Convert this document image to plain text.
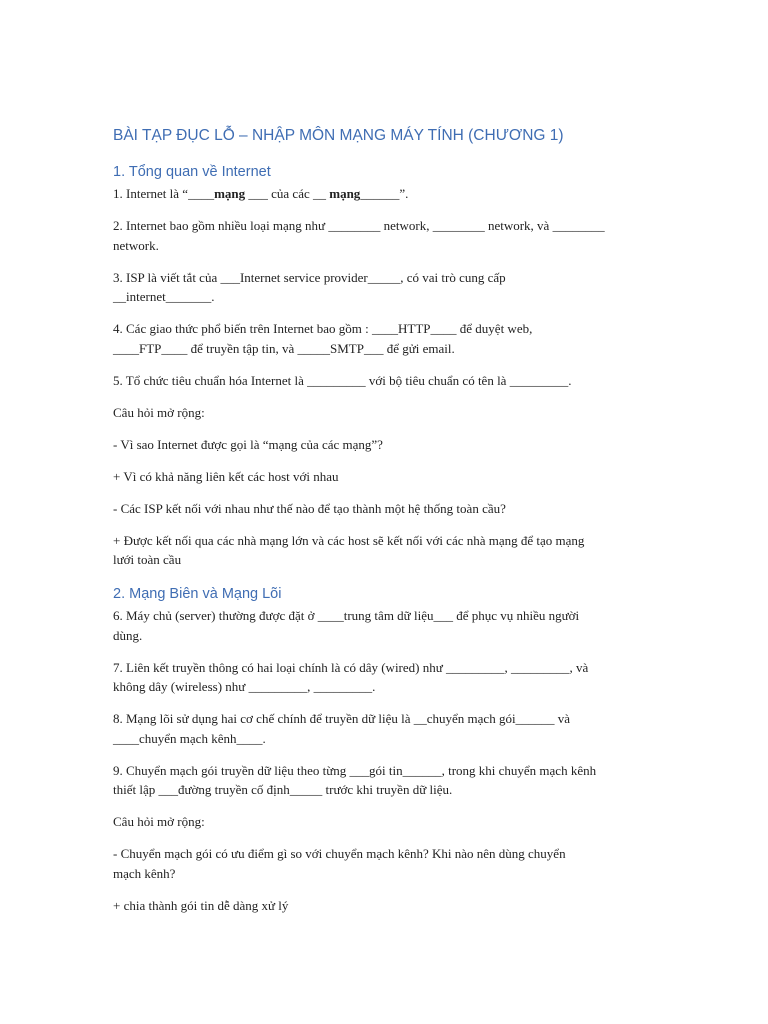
BÀI TẠP ĐỤC LỖ – NHẬP MÔN MẠNG MÁY TÍNH (CHƯƠNG 1)
1. Tổng quan về Internet

1. Internet là “____mạng ___ của các __ mạng______”.

2. Internet bao gồm nhiều loại mạng như ________ network, ________ network, và ________
network.

3. ISP là viết tắt của ___Internet service provider_____, có vai trò cung cấp
__internet_______.

4. Các giao thức phổ biến trên Internet bao gồm : ____HTTP____ để duyệt web,
____FTP____ để truyền tập tin, và _____SMTP___ để gửi email.

5. Tổ chức tiêu chuẩn hóa Internet là _________ với bộ tiêu chuẩn có tên là _________.

Câu hỏi mở rộng:

- Vì sao Internet được gọi là “mạng của các mạng”?

+ Vì có khả năng liên kết các host với nhau

- Các ISP kết nối với nhau như thế nào để tạo thành một hệ thống toàn cầu?

+ Được kết nối qua các nhà mạng lớn và các host sẽ kết nối với các nhà mạng để tạo mạng
lưới toàn cầu

2. Mạng Biên và Mạng Lõi

6. Máy chủ (server) thường được đặt ở ____trung tâm dữ liệu___ để phục vụ nhiều người
dùng.

7. Liên kết truyền thông có hai loại chính là có dây (wired) như _________, _________, và
không dây (wireless) như _________, _________.

8. Mạng lõi sử dụng hai cơ chế chính để truyền dữ liệu là __chuyển mạch gói______ và
____chuyển mạch kênh____.

9. Chuyển mạch gói truyền dữ liệu theo từng ___gói tin______, trong khi chuyển mạch kênh
thiết lập ___đường truyền cố định_____ trước khi truyền dữ liệu.

Câu hỏi mở rộng:

- Chuyển mạch gói có ưu điểm gì so với chuyển mạch kênh? Khi nào nên dùng chuyển
mạch kênh?

+ chia thành gói tin dễ dàng xử lý
